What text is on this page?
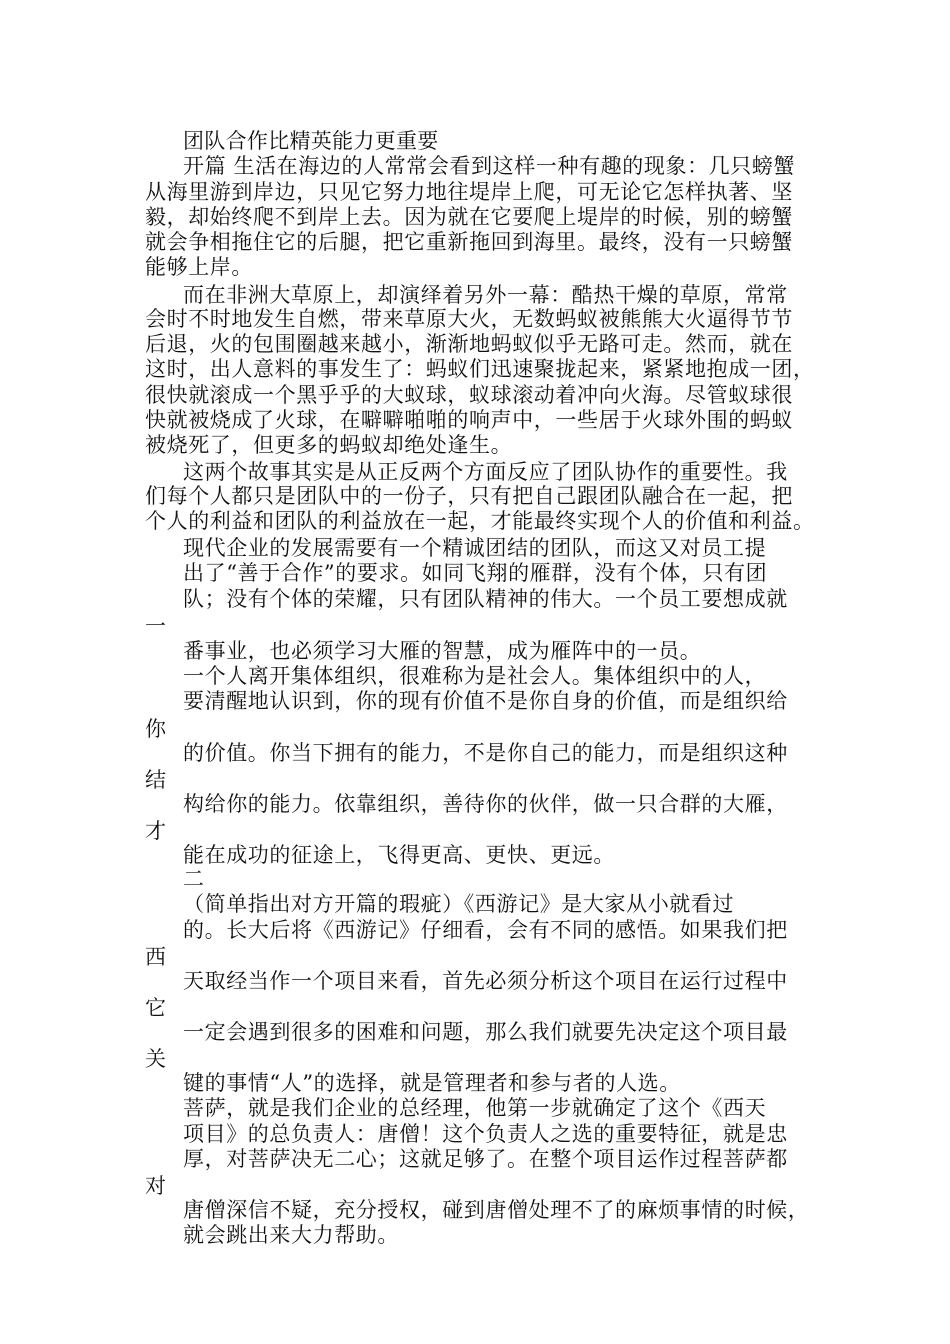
团队合作比精英能力更重要
开篇 生活在海边的人常常会看到这样一种有趣的现象：几只螃蟹
从海里游到岸边，只见它努力地往堤岸上爬，可无论它怎样执著、坚
毅，却始终爬不到岸上去。因为就在它要爬上堤岸的时候，别的螃蟹
就会争相拖住它的后腿，把它重新拖回到海里。最终，没有一只螃蟹
能够上岸。
而在非洲大草原上，却演绎着另外一幕：酷热干燥的草原，常常
会时不时地发生自燃，带来草原大火，无数蚂蚁被熊熊大火逼得节节
后退，火的包围圈越来越小，渐渐地蚂蚁似乎无路可走。然而，就在
这时，出人意料的事发生了：蚂蚁们迅速聚拢起来，紧紧地抱成一团，
很快就滚成一个黑乎乎的大蚁球，蚁球滚动着冲向火海。尽管蚁球很
快就被烧成了火球，在噼噼啪啪的响声中，一些居于火球外围的蚂蚁
被烧死了，但更多的蚂蚁却绝处逢生。
这两个故事其实是从正反两个方面反应了团队协作的重要性。我
们每个人都只是团队中的一份子，只有把自己跟团队融合在一起，把
个人的利益和团队的利益放在一起，才能最终实现个人的价值和利益。
现代企业的发展需要有一个精诚团结的团队，而这又对员工提
出了“善于合作”的要求。如同飞翔的雁群，没有个体，只有团
队；没有个体的荣耀，只有团队精神的伟大。一个员工要想成就
一
番事业，也必须学习大雁的智慧，成为雁阵中的一员。
一个人离开集体组织，很难称为是社会人。集体组织中的人，
要清醒地认识到，你的现有价值不是你自身的价值，而是组织给
你
的价值。你当下拥有的能力，不是你自己的能力，而是组织这种
结
构给你的能力。依靠组织，善待你的伙伴，做一只合群的大雁，
才
能在成功的征途上，飞得更高、更快、更远。
二
（简单指出对方开篇的瑕疵）《西游记》是大家从小就看过
的。长大后将《西游记》仔细看，会有不同的感悟。如果我们把
西
天取经当作一个项目来看，首先必须分析这个项目在运行过程中
它
一定会遇到很多的困难和问题，那么我们就要先决定这个项目最
关
键的事情“人”的选择，就是管理者和参与者的人选。
菩萨，就是我们企业的总经理，他第一步就确定了这个《西天
项目》的总负责人：唐僧！这个负责人之选的重要特征，就是忠
厚，对菩萨决无二心；这就足够了。在整个项目运作过程菩萨都
对
唐僧深信不疑，充分授权，碰到唐僧处理不了的麻烦事情的时候，
就会跳出来大力帮助。
